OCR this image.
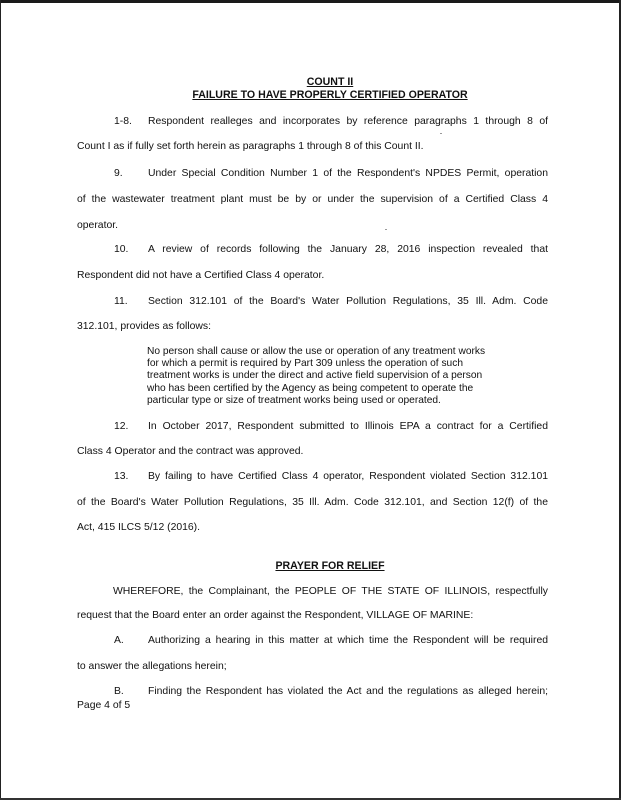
COUNT II
FAILURE TO HAVE PROPERLY CERTIFIED OPERATOR
1-8. Respondent realleges and incorporates by reference paragraphs 1 through 8 of
Count I as if fully set forth herein as paragraphs 1 through 8 of this Count II.
9. Under Special Condition Number 1 of the Respondent's NPDES Permit, operation
of the wastewater treatment plant must be by or under the supervision of a Certified Class 4
operator.
10. A review of records following the January 28, 2016 inspection revealed that
Respondent did not have a Certified Class 4 operator.
11. Section 312.101 of the Board's Water Pollution Regulations, 35 Ill. Adm. Code
312.101, provides as follows:
No person shall cause or allow the use or operation of any treatment works
for which a permit is required by Part 309 unless the operation of such
treatment works is under the direct and active field supervision of a person
who has been certified by the Agency as being competent to operate the
particular type or size of treatment works being used or operated.
12. In October 2017, Respondent submitted to Illinois EPA a contract for a Certified
Class 4 Operator and the contract was approved.
13. By failing to have Certified Class 4 operator, Respondent violated Section 312.101
of the Board's Water Pollution Regulations, 35 Ill. Adm. Code 312.101, and Section 12(f) of the
Act, 415 ILCS 5/12 (2016).
PRAYER FOR RELIEF
WHEREFORE, the Complainant, the PEOPLE OF THE STATE OF ILLINOIS, respectfully
request that the Board enter an order against the Respondent, VILLAGE OF MARINE:
A. Authorizing a hearing in this matter at which time the Respondent will be required
to answer the allegations herein;
B. Finding the Respondent has violated the Act and the regulations as alleged herein;
Page 4 of 5
